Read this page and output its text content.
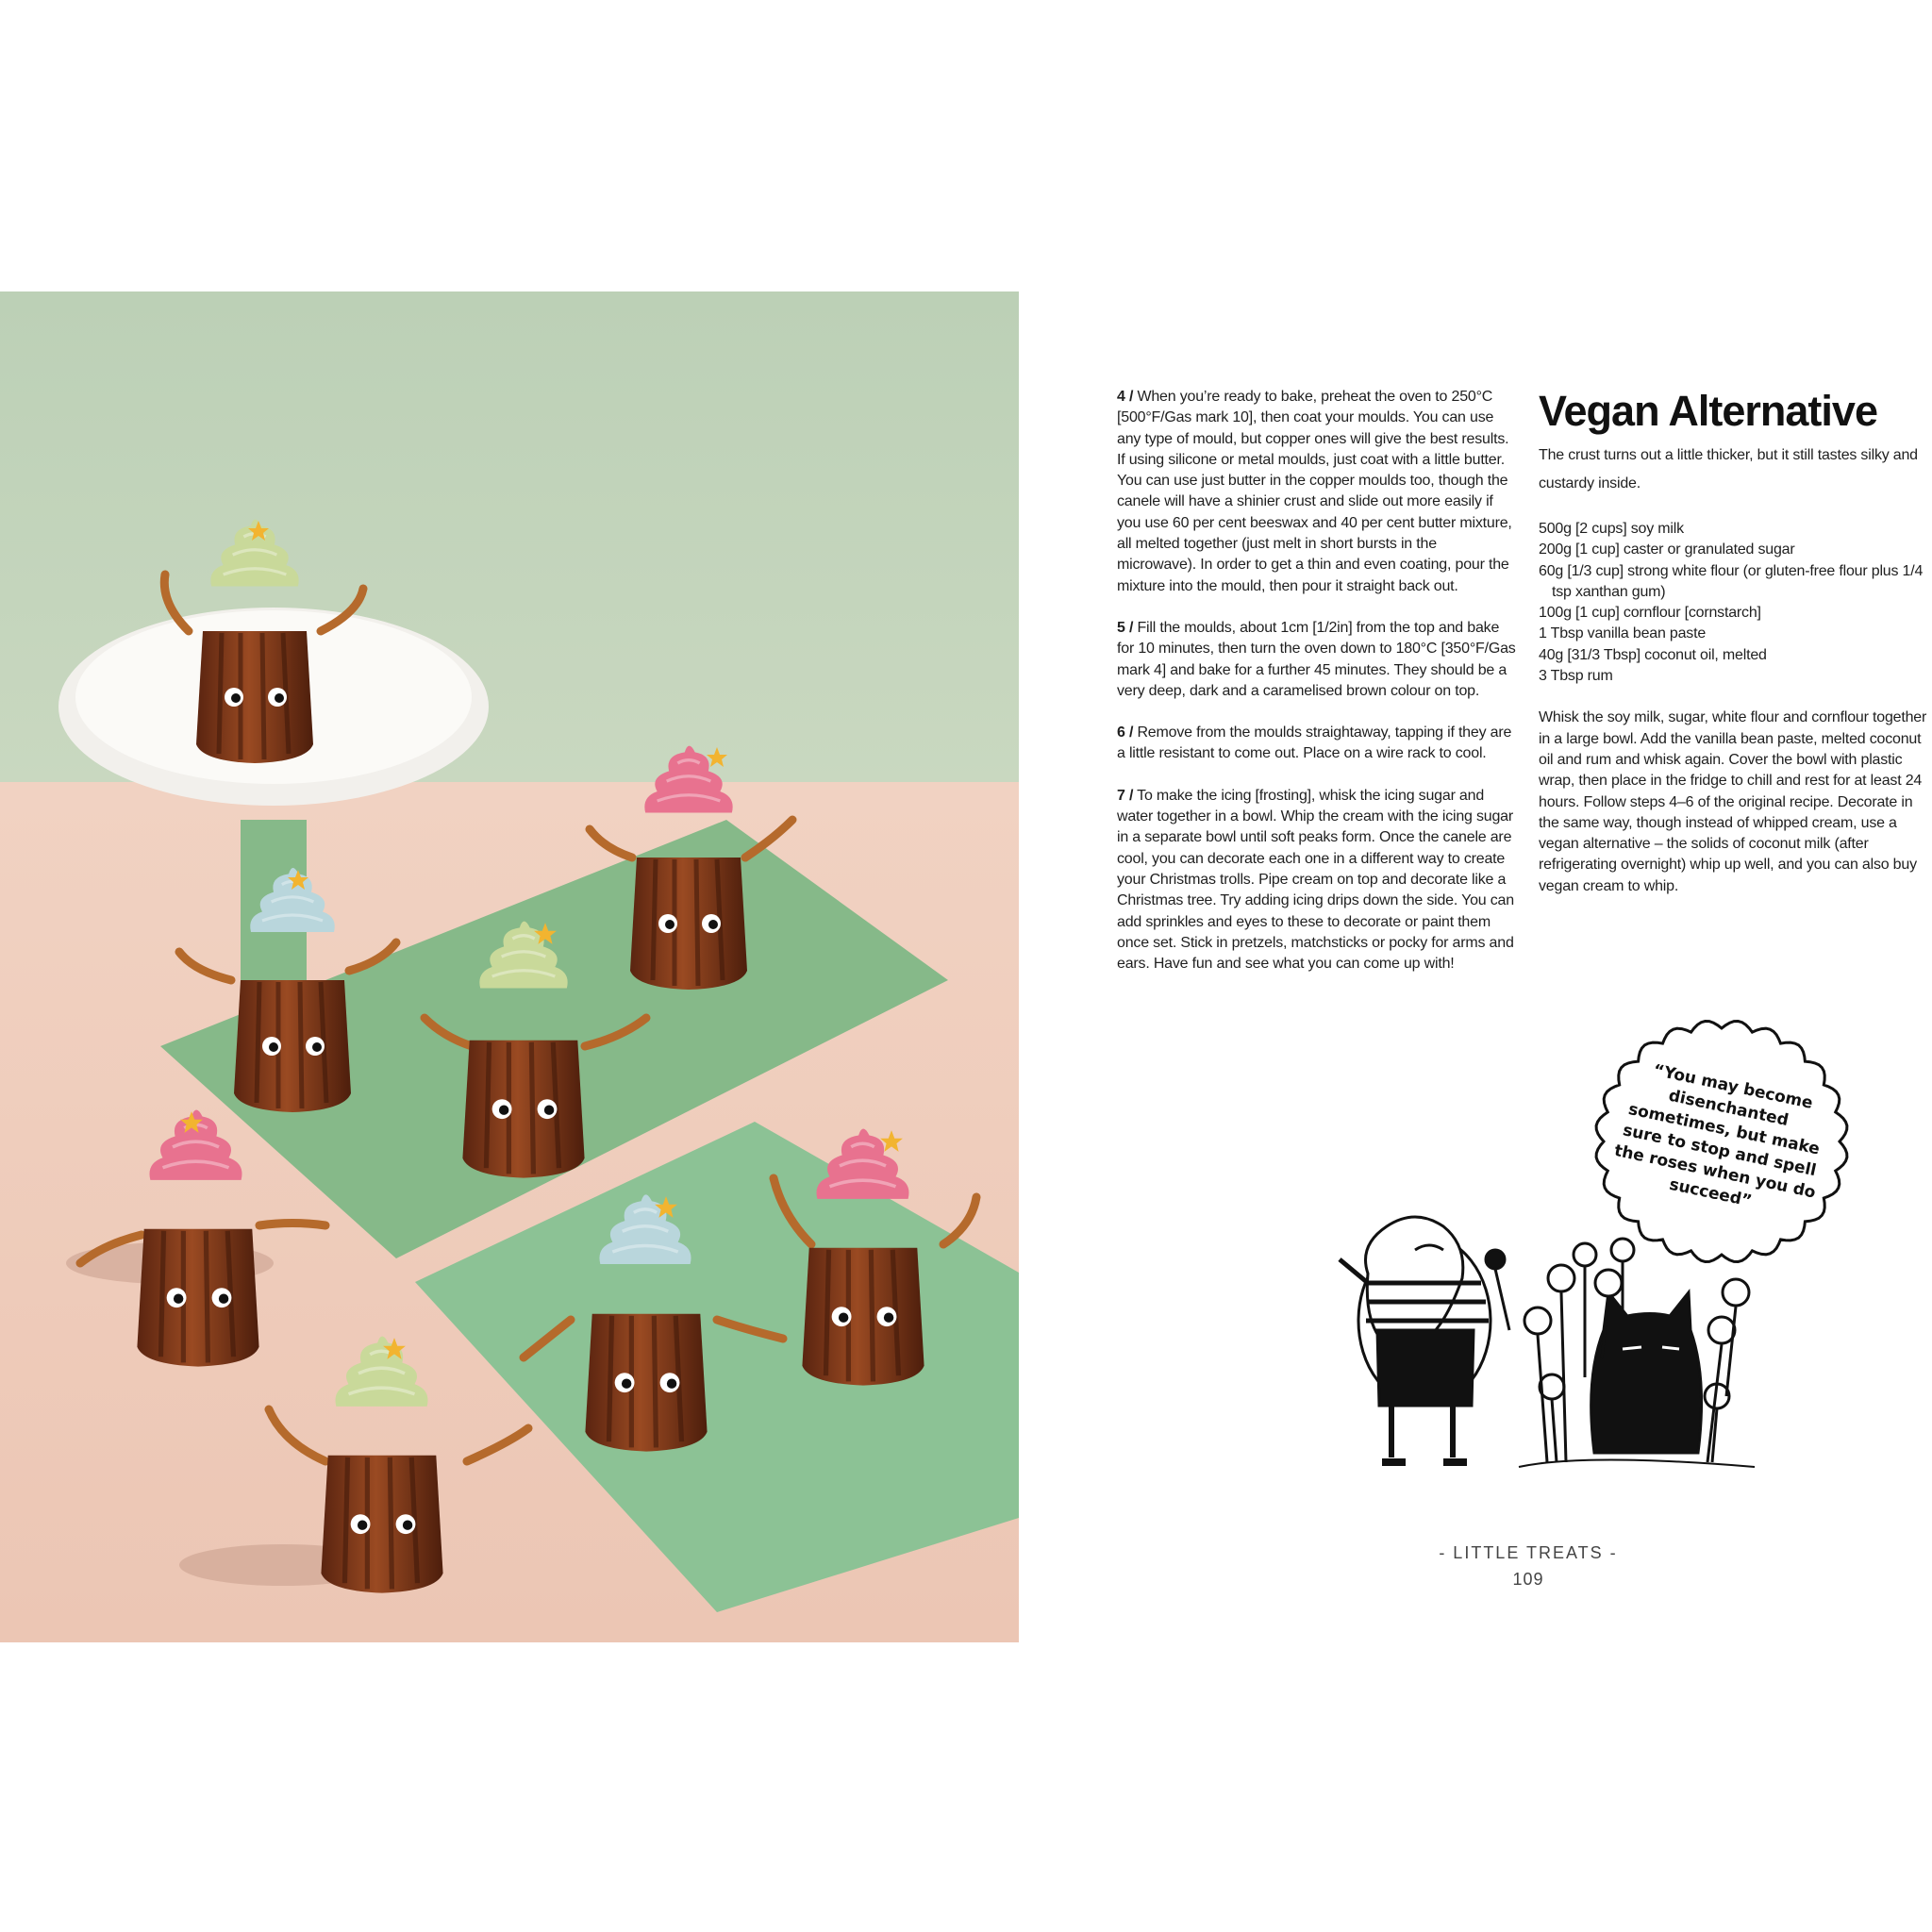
4 / When you’re ready to bake, preheat the oven to 250°C [500°F/Gas mark 10], then coat your moulds. You can use any type of mould, but copper ones will give the best results. If using silicone or metal moulds, just coat with a little butter. You can use just butter in the copper moulds too, though the canele will have a shinier crust and slide out more easily if you use 60 per cent beeswax and 40 per cent butter mixture, all melted together (just melt in short bursts in the microwave). In order to get a thin and even coating, pour the mixture into the mould, then pour it straight back out.

5 / Fill the moulds, about 1cm [1/2in] from the top and bake for 10 minutes, then turn the oven down to 180°C [350°F/Gas mark 4] and bake for a further 45 minutes. They should be a very deep, dark and a caramelised brown colour on top.

6 / Remove from the moulds straightaway, tapping if they are a little resistant to come out. Place on a wire rack to cool.

7 / To make the icing [frosting], whisk the icing sugar and water together in a bowl. Whip the cream with the icing sugar in a separate bowl until soft peaks form. Once the canele are cool, you can decorate each one in a different way to create your Christmas trolls. Pipe cream on top and decorate like a Christmas tree. Try adding icing drips down the side. You can add sprinkles and eyes to these to decorate or paint them once set. Stick in pretzels, matchsticks or pocky for arms and ears. Have fun and see what you can come up with!

Vegan Alternative

The crust turns out a little thicker, but it still tastes silky and custardy inside.

500g [2 cups] soy milk
200g [1 cup] caster or granulated sugar
60g [1/3 cup] strong white flour (or gluten-free flour plus 1/4 tsp xanthan gum)
100g [1 cup] cornflour [cornstarch]
1 Tbsp vanilla bean paste
40g [31/3 Tbsp] coconut oil, melted
3 Tbsp rum

Whisk the soy milk, sugar, white flour and cornflour together in a large bowl. Add the vanilla bean paste, melted coconut oil and rum and whisk again. Cover the bowl with plastic wrap, then place in the fridge to chill and rest for at least 24 hours. Follow steps 4–6 of the original recipe. Decorate in the same way, though instead of whipped cream, use a vegan alternative – the solids of coconut milk (after refrigerating overnight) whip up well, and you can also buy vegan cream to whip.

“You may become disenchanted sometimes, but make sure to stop and spell the roses when you do succeed”
- LITTLE TREATS -
109
